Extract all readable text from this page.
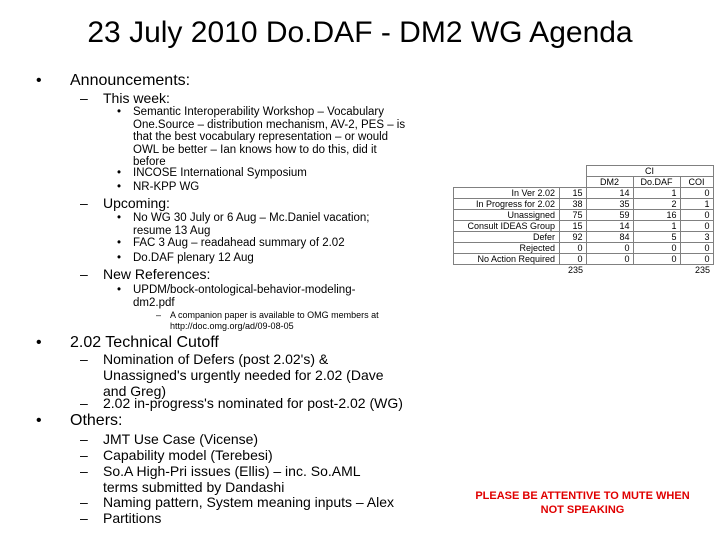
23 July 2010 Do.DAF - DM2 WG Agenda
• Announcements:
– This week:
• Semantic Interoperability Workshop – Vocabulary One.Source – distribution mechanism, AV-2, PES – is that the best vocabulary representation – or would OWL be better – Ian knows how to do this, did it before
• INCOSE International Symposium
• NR-KPP WG
– Upcoming:
• No WG 30 July or 6 Aug – Mc.Daniel vacation; resume 13 Aug
• FAC 3 Aug – readahead summary of 2.02
• Do.DAF plenary 12 Aug
– New References:
• UPDM/bock-ontological-behavior-modeling-dm2.pdf
– A companion paper is available to OMG members at http://doc.omg.org/ad/09-08-05
• 2.02 Technical Cutoff
– Nomination of Defers (post 2.02's) & Unassigned's urgently needed for 2.02 (Dave and Greg)
– 2.02 in-progress's nominated for post-2.02 (WG)
• Others:
– JMT Use Case (Vicense)
– Capability model (Terebesi)
– So.A High-Pri issues (Ellis) – inc. So.AML terms submitted by Dandashi
– Naming pattern, System meaning inputs – Alex
– Partitions
		CI		
		DM2	Do.DAF	COI
In Ver 2.02	15	14	1	0
In Progress for 2.02	38	35	2	1
Unassigned	75	59	16	0
Consult IDEAS Group	15	14	1	0
Defer	92	84	5	3
Rejected	0	0	0	0
No Action Required	0	0	0	0
	235			235
PLEASE BE ATTENTIVE TO MUTE WHEN NOT SPEAKING
